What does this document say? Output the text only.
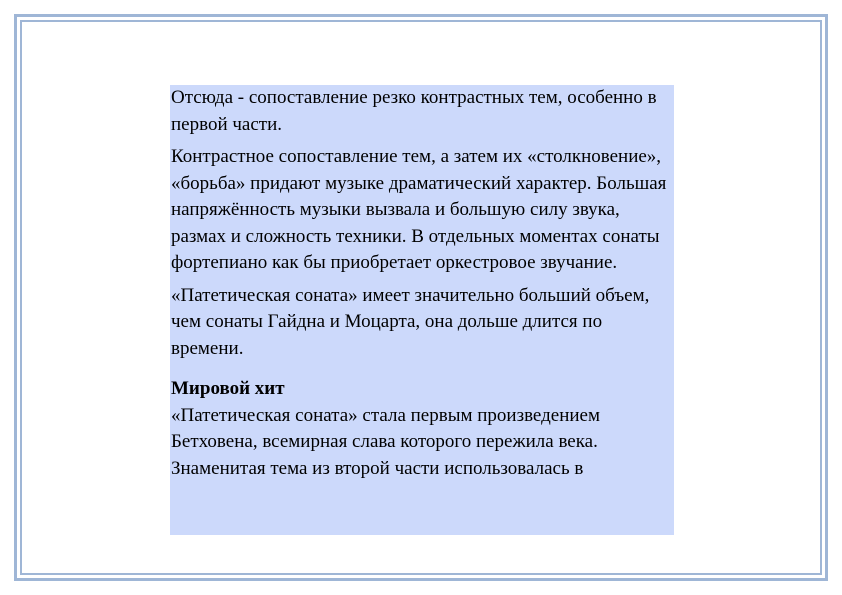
Отсюда - сопоставление резко контрастных тем, особенно в первой части.

Контрастное сопоставление тем, а затем их «столкновение», «борьба» придают музыке драматический характер. Большая напряжённость музыки вызвала и большую силу звука, размах и сложность техники. В отдельных моментах сонаты фортепиано как бы приобретает оркестровое звучание.

«Патетическая соната» имеет значительно больший объем, чем сонаты Гайдна и Моцарта, она дольше длится по времени.

Мировой хит

«Патетическая соната» стала первым произведением Бетховена, всемирная слава которого пережила века. Знаменитая тема из второй части использовалась в
